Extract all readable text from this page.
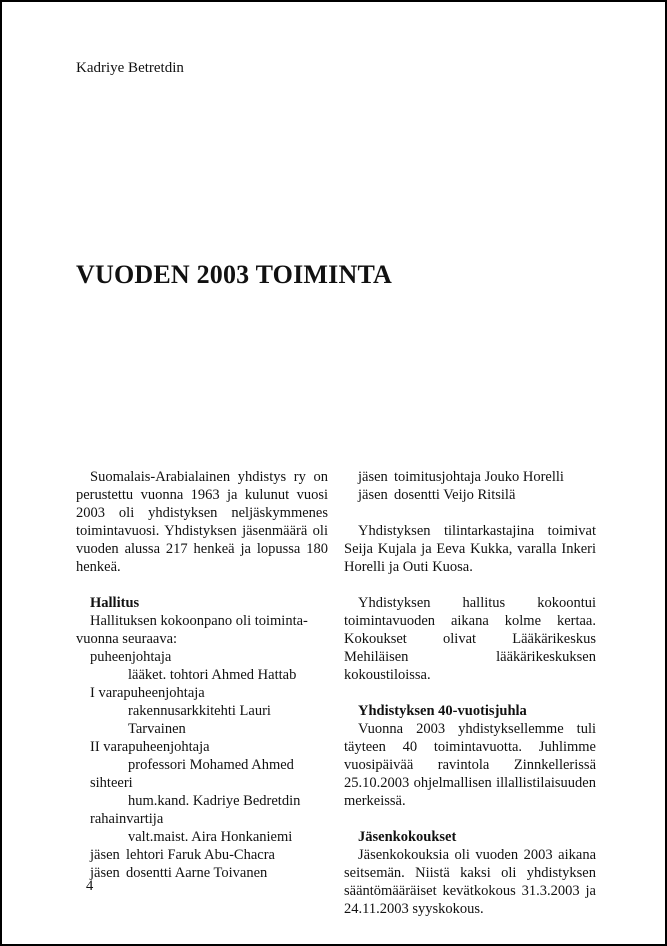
Kadriye Betretdin
VUODEN 2003 TOIMINTA

Suomalais-Arabialainen yhdistys ry on perustettu vuonna 1963 ja kulunut vuosi 2003 oli yhdistyksen neljäskymmenes toimintavuosi. Yhdistyksen jäsenmäärä oli vuoden alussa 217 henkeä ja lopussa 180 henkeä.

Hallitus

Hallituksen kokoonpano oli toiminta-

vuonna seuraava:

puheenjohtaja

lääket. tohtori Ahmed Hattab

I varapuheenjohtaja

rakennusarkkitehti Lauri Tarvainen

II varapuheenjohtaja

professori Mohamed Ahmed

sihteeri

hum.kand. Kadriye Bedretdin

rahainvartija

valt.maist. Aira Honkaniemi

jäsen lehtori Faruk Abu-Chacra

jäsen dosentti Aarne Toivanen

jäsen toimitusjohtaja Jouko Horelli

jäsen dosentti Veijo Ritsilä

Yhdistyksen tilintarkastajina toimivat Seija Kujala ja Eeva Kukka, varalla Inkeri Horelli ja Outi Kuosa.

Yhdistyksen hallitus kokoontui toimintavuoden aikana kolme kertaa. Kokoukset olivat Lääkärikeskus Mehiläisen lääkärikeskuksen kokoustiloissa.

Yhdistyksen 40-vuotisjuhla

Vuonna 2003 yhdistyksellemme tuli täyteen 40 toimintavuotta. Juhlimme vuosipäivää ravintola Zinnkellerissä 25.10.2003 ohjelmallisen illallistilaisuuden merkeissä.

Jäsenkokoukset

Jäsenkokouksia oli vuoden 2003 aikana seitsemän. Niistä kaksi oli yhdistyksen sääntömääräiset kevätkokous 31.3.2003 ja 24.11.2003 syyskokous.

4
